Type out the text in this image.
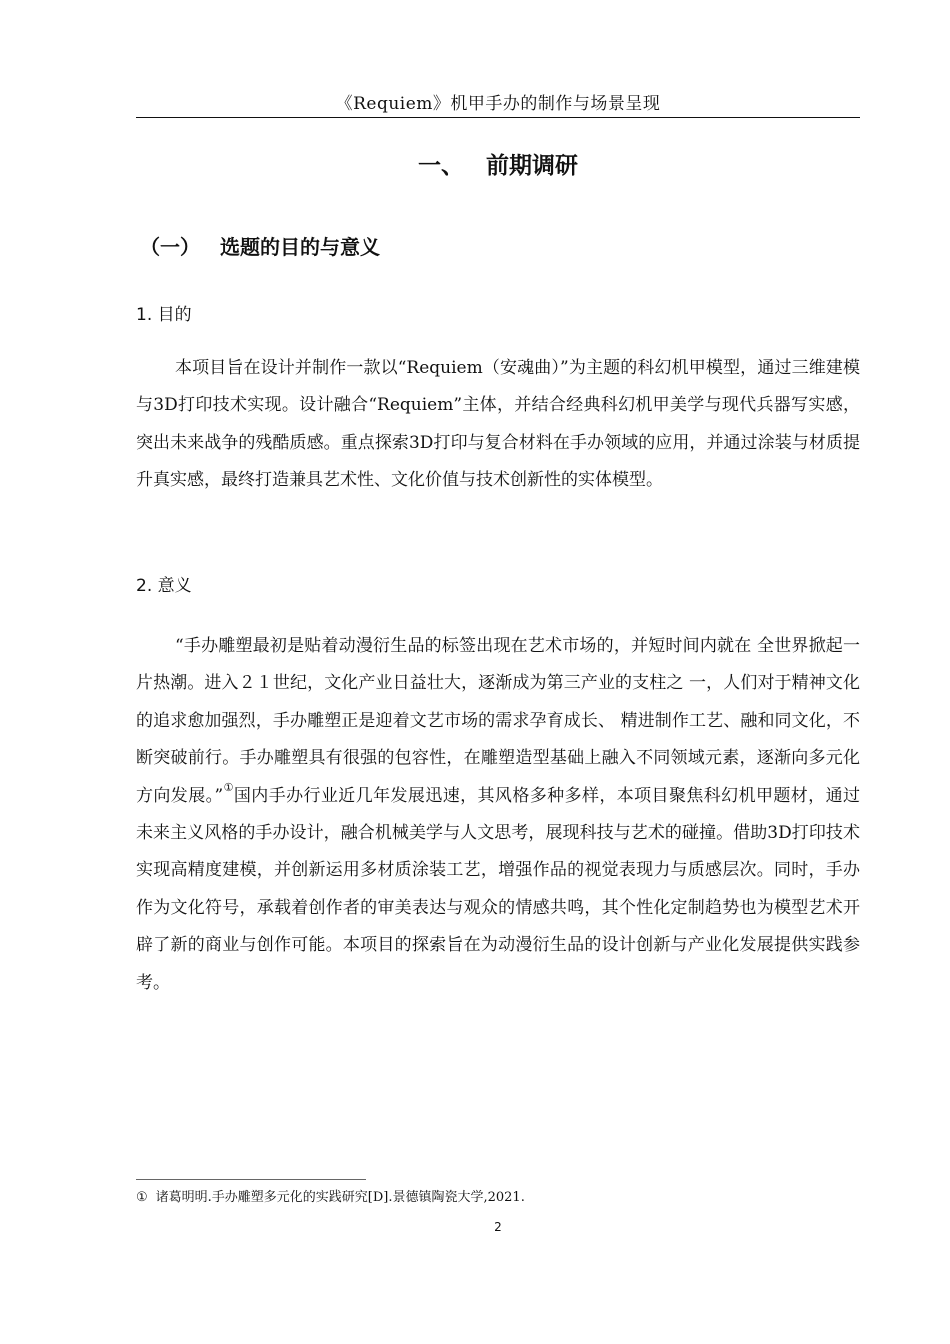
《Requiem》机甲手办的制作与场景呈现
一、 前期调研
（一） 选题的目的与意义
1. 目的

本项目旨在设计并制作一款以“Requiem（安魂曲）”为主题的科幻机甲模型，通过三维建模与3D打印技术实现。设计融合“Requiem”主体，并结合经典科幻机甲美学与现代兵器写实感，突出未来战争的残酷质感。重点探索3D打印与复合材料在手办领域的应用，并通过涂装与材质提升真实感，最终打造兼具艺术性、文化价值与技术创新性的实体模型。

2. 意义

“手办雕塑最初是贴着动漫衍生品的标签出现在艺术市场的，并短时间内就在 全世界掀起一片热潮。进入２１世纪，文化产业日益壮大，逐渐成为第三产业的支柱之 一，人们对于精神文化的追求愈加强烈，手办雕塑正是迎着文艺市场的需求孕育成长、 精进制作工艺、融和同文化，不断突破前行。手办雕塑具有很强的包容性，在雕塑造型基础上融入不同领域元素，逐渐向多元化方向发展。”①国内手办行业近几年发展迅速，其风格多种多样，本项目聚焦科幻机甲题材，通过未来主义风格的手办设计，融合机械美学与人文思考，展现科技与艺术的碰撞。借助3D打印技术实现高精度建模，并创新运用多材质涂装工艺，增强作品的视觉表现力与质感层次。同时，手办作为文化符号，承载着创作者的审美表达与观众的情感共鸣，其个性化定制趋势也为模型艺术开辟了新的商业与创作可能。本项目的探索旨在为动漫衍生品的设计创新与产业化发展提供实践参考。

① 诸葛明明.手办雕塑多元化的实践研究[D].景德镇陶瓷大学,2021.
2
